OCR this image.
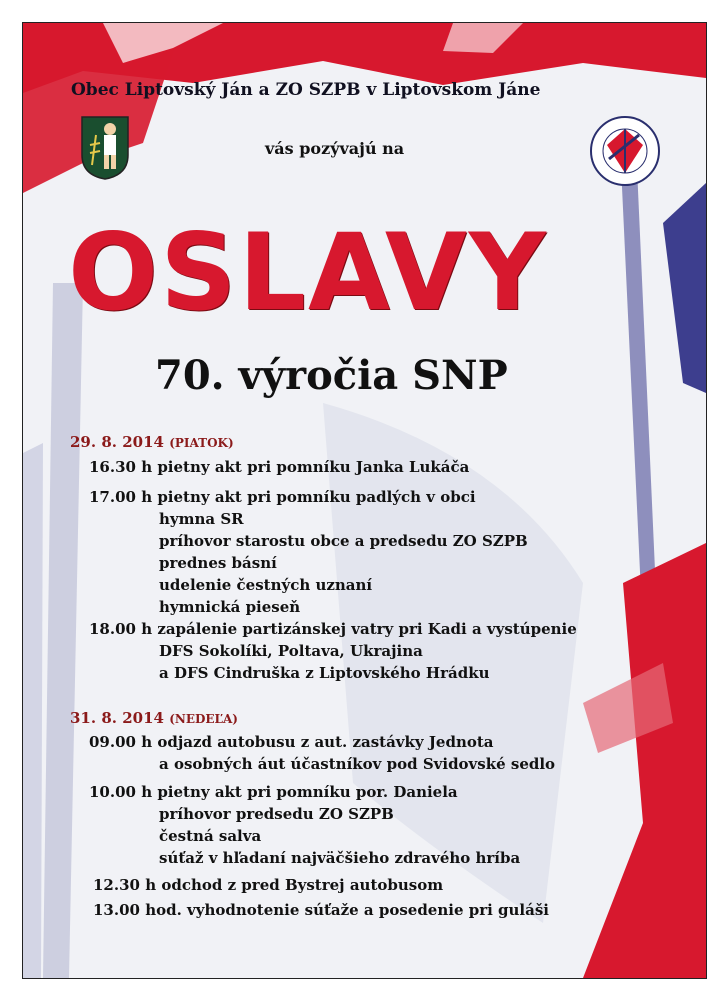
Obec Liptovský Ján a ZO SZPB v Liptovskom Jáne
vás pozývajú na
OSLAVY
70. výročia SNP
29. 8. 2014 (PIATOK)
16.30 h pietny akt pri pomníku Janka Lukáča
17.00 h pietny akt pri pomníku padlých v obci
hymna SR
príhovor starostu obce a predsedu ZO SZPB
prednes básní
udelenie čestných uznaní
hymnická pieseň
18.00 h zapálenie partizánskej vatry pri Kadi a vystúpenie
DFS Sokolíki, Poltava, Ukrajina
a DFS Cindruška z Liptovského Hrádku
31. 8. 2014 (NEDEĽA)
09.00 h odjazd autobusu z aut. zastávky Jednota
a osobných áut účastníkov pod Svidovské sedlo
10.00 h pietny akt pri pomníku por. Daniela
príhovor predsedu ZO SZPB
čestná salva
súťaž v hľadaní najväčšieho zdravého hríba
12.30 h odchod z pred Bystrej autobusom
13.00 hod. vyhodnotenie súťaže a posedenie pri guláši
